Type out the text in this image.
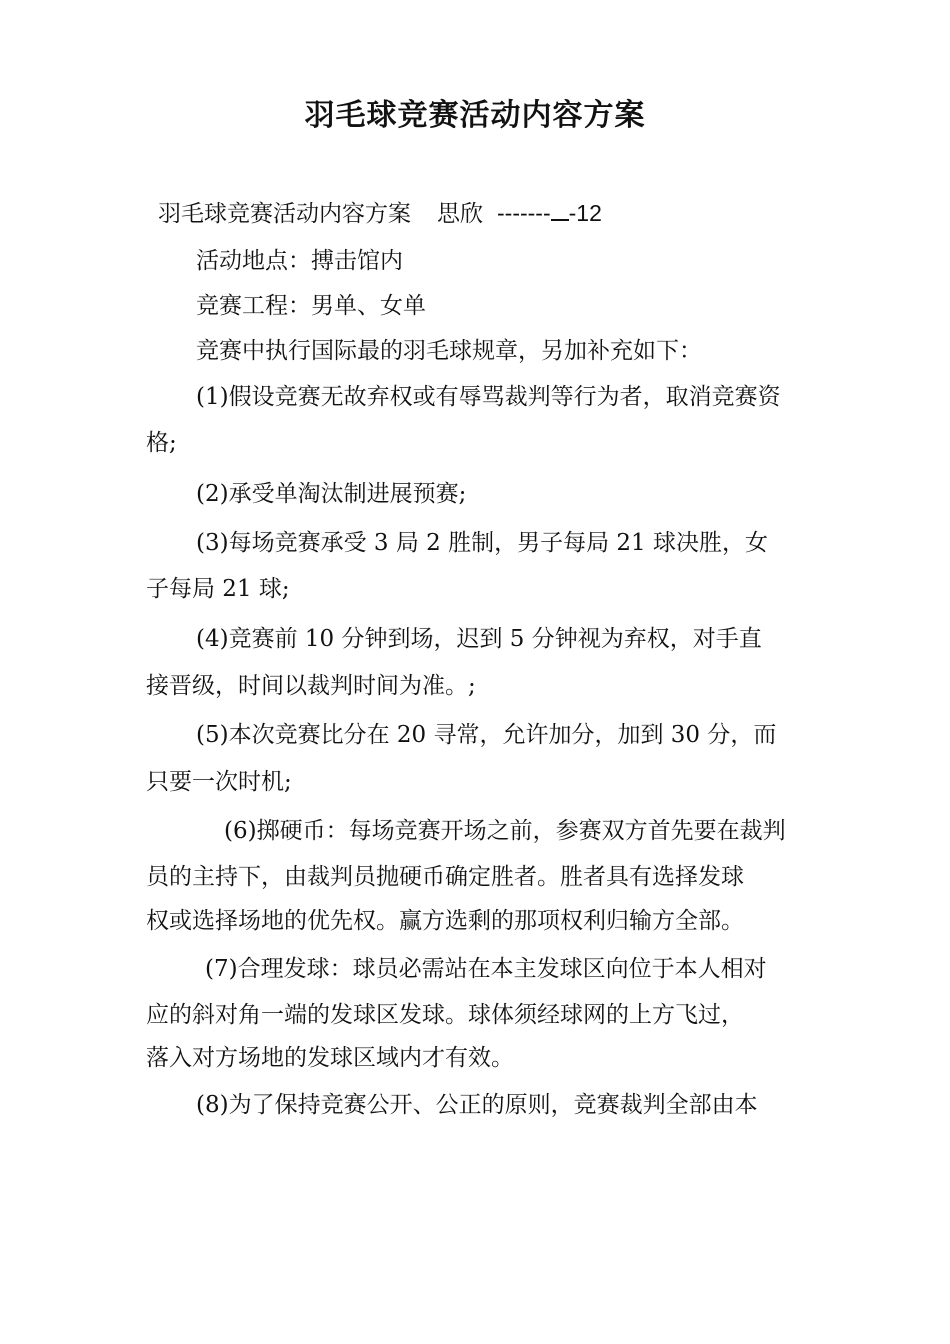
羽毛球竞赛活动内容方案
羽毛球竞赛活动内容方案 思欣 ------- -12
活动地点：搏击馆内
竞赛工程：男单、女单
竞赛中执行国际最的羽毛球规章，另加补充如下：
(1)假设竞赛无故弃权或有辱骂裁判等行为者，取消竞赛资
格;
(2)承受单淘汰制进展预赛;
(3)每场竞赛承受 3 局 2 胜制，男子每局 21 球决胜，女
子每局 21 球;
(4)竞赛前 10 分钟到场，迟到 5 分钟视为弃权，对手直
接晋级，时间以裁判时间为准。;
(5)本次竞赛比分在 20 寻常，允许加分，加到 30 分，而
只要一次时机;
(6)掷硬币：每场竞赛开场之前，参赛双方首先要在裁判
员的主持下，由裁判员抛硬币确定胜者。胜者具有选择发球
权或选择场地的优先权。赢方选剩的那项权利归输方全部。
(7)合理发球：球员必需站在本主发球区向位于本人相对
应的斜对角一端的发球区发球。球体须经球网的上方飞过，
落入对方场地的发球区域内才有效。
(8)为了保持竞赛公开、公正的原则，竞赛裁判全部由本
